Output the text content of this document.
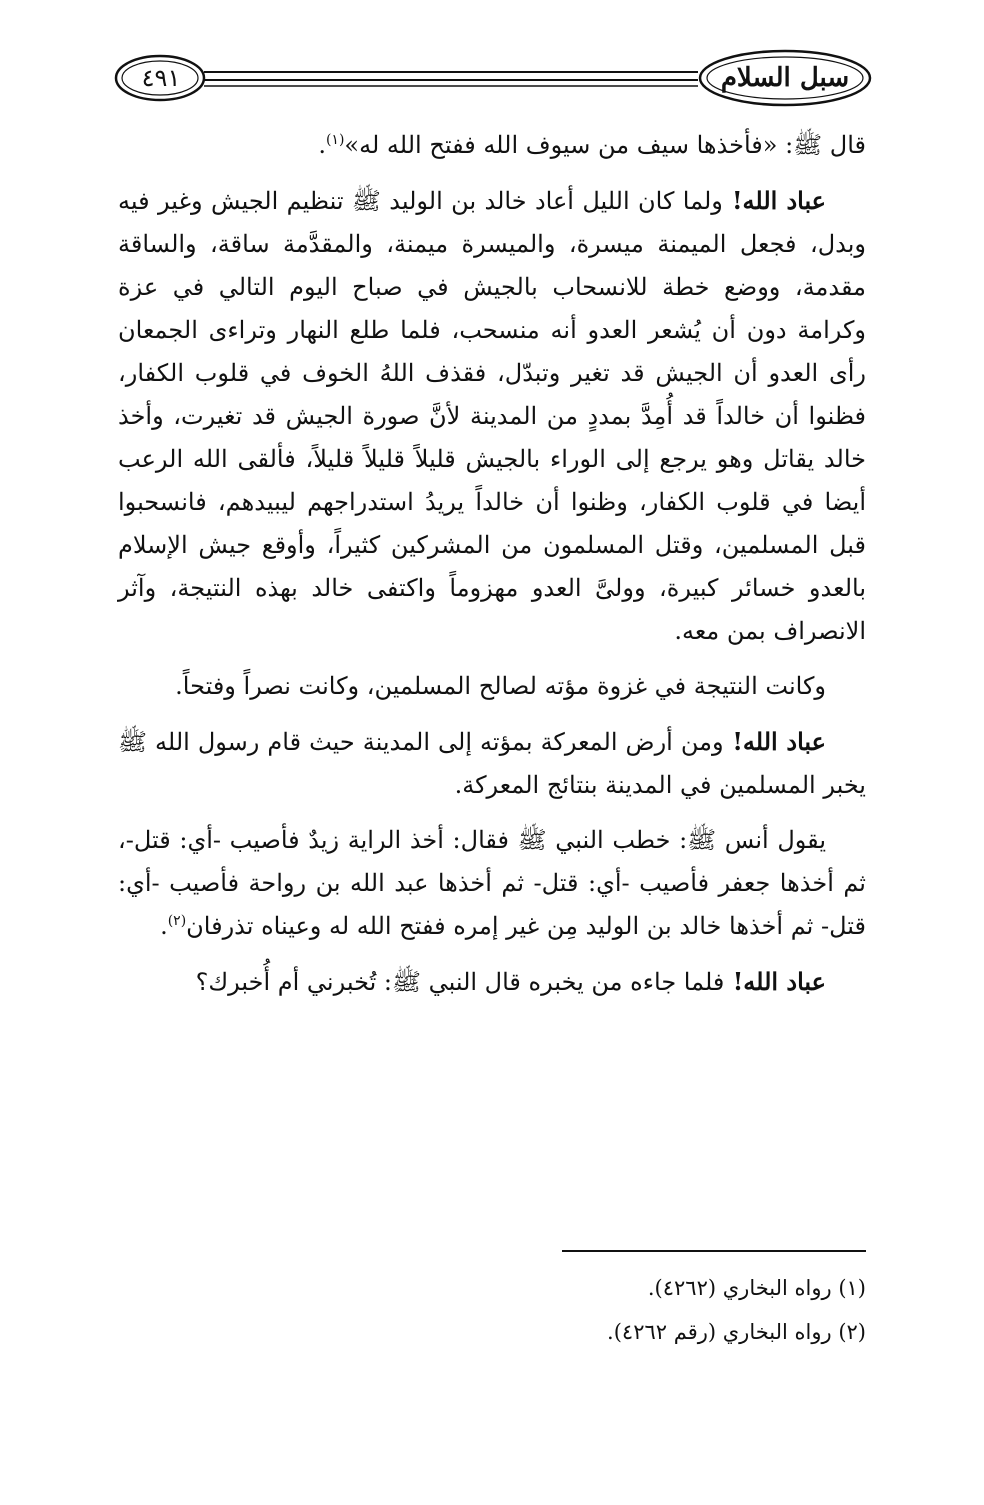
سبل السلام
٤٩١

قال ﷺ: «فأخذها سيف من سيوف الله ففتح الله له»$^{(١)}$.

عباد الله! ولما كان الليل أعاد خالد بن الوليد ﷺ تنظيم الجيش وغير فيه وبدل، فجعل الميمنة ميسرة، والميسرة ميمنة، والمقدَّمة ساقة، والساقة مقدمة، ووضع خطة للانسحاب بالجيش في صباح اليوم التالي في عزة وكرامة دون أن يُشعر العدو أنه منسحب، فلما طلع النهار وتراءى الجمعان رأى العدو أن الجيش قد تغير وتبدّل، فقذف اللهُ الخوف في قلوب الكفار، فظنوا أن خالداً قد أُمِدَّ بمددٍ من المدينة لأنَّ صورة الجيش قد تغيرت، وأخذ خالد يقاتل وهو يرجع إلى الوراء بالجيش قليلاً قليلاً قليلاً، فألقى الله الرعب أيضا في قلوب الكفار، وظنوا أن خالداً يريدُ استدراجهم ليبيدهم، فانسحبوا قبل المسلمين، وقتل المسلمون من المشركين كثيراً، وأوقع جيش الإسلام بالعدو خسائر كبيرة، وولىَّ العدو مهزوماً واكتفى خالد بهذه النتيجة، وآثر الانصراف بمن معه.

وكانت النتيجة في غزوة مؤته لصالح المسلمين، وكانت نصراً وفتحاً.

عباد الله! ومن أرض المعركة بمؤته إلى المدينة حيث قام رسول الله ﷺ يخبر المسلمين في المدينة بنتائج المعركة.

يقول أنس ﷺ: خطب النبي ﷺ فقال: أخذ الراية زيدٌ فأصيب -أي: قتل-، ثم أخذها جعفر فأصيب -أي: قتل- ثم أخذها عبد الله بن رواحة فأصيب -أي: قتل- ثم أخذها خالد بن الوليد مِن غير إمره ففتح الله له وعيناه تذرفان$^{(٢)}$.

عباد الله! فلما جاءه من يخبره قال النبي ﷺ: تُخبرني أم أُخبرك؟

(١) رواه البخاري (٤٢٦٢).
(٢) رواه البخاري (رقم ٤٢٦٢).
